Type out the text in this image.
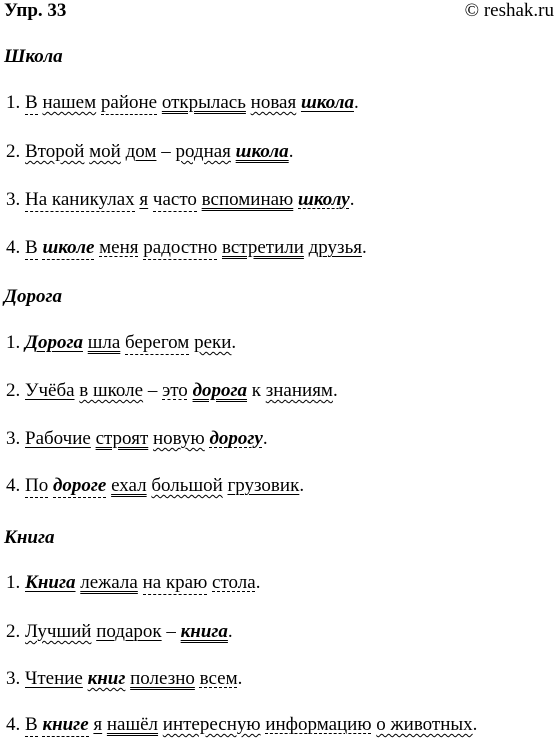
Упр. 33	© reshak.ru
Школа
1. В нашем районе открылась новая школа.
2. Второй мой дом – родная школа.
3. На каникулах я часто вспоминаю школу.
4. В школе меня радостно встретили друзья.
Дорога
1. Дорога шла берегом реки.
2. Учёба в школе – это дорога к знаниям.
3. Рабочие строят новую дорогу.
4. По дороге ехал большой грузовик.
Книга
1. Книга лежала на краю стола.
2. Лучший подарок – книга.
3. Чтение книг полезно всем.
4. В книге я нашёл интересную информацию о животных.
